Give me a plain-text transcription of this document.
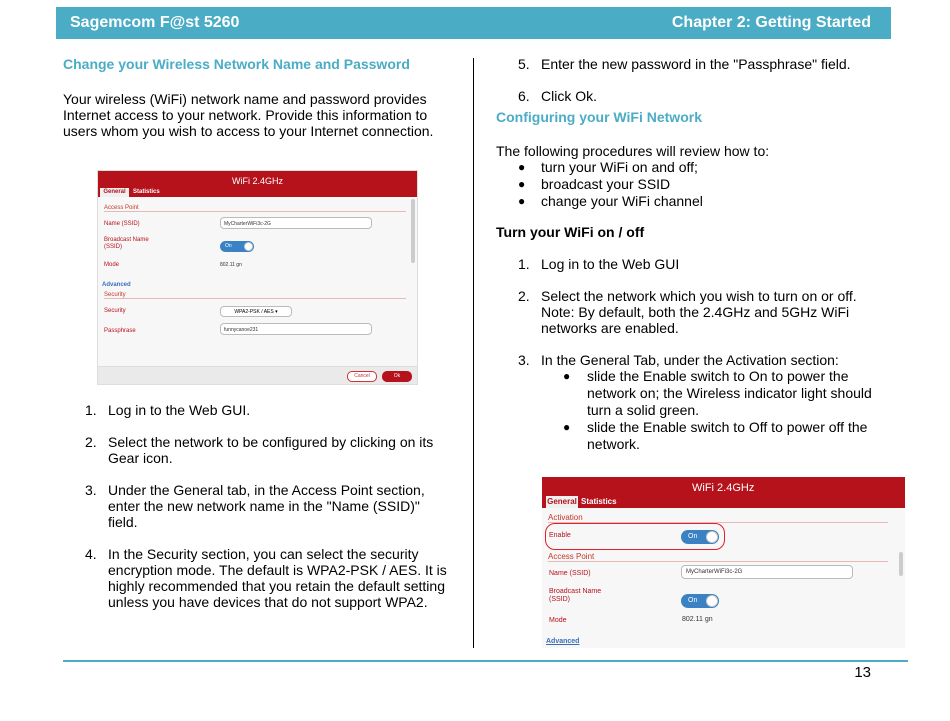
Sagemcom F@st 5260	Chapter 2: Getting Started
Change your Wireless Network Name and Password

Your wireless (WiFi) network name and password provides Internet access to your network. Provide this information to users whom you wish to access to your Internet connection.

WiFi 2.4GHz
General	Statistics
Access Point
Name (SSID)	MyCharterWiFi3c-2G
Broadcast Name (SSID)	On
Mode	802.11 gn
Advanced
Security
Security	WPA2-PSK / AES ▾
Passphrase	funnycanoe231
Cancel	Ok
1. Log in to the Web GUI.
2. Select the network to be configured by clicking on its Gear icon.
3. Under the General tab, in the Access Point section, enter the new network name in the "Name (SSID)" field.
4. In the Security section, you can select the security encryption mode. The default is WPA2-PSK / AES. It is highly recommended that you retain the default setting unless you have devices that do not support WPA2.
5. Enter the new password in the "Passphrase" field.
6. Click Ok.
Configuring your WiFi Network

The following procedures will review how to:

● turn your WiFi on and off;
● broadcast your SSID
● change your WiFi channel
Turn your WiFi on / off
1. Log in to the Web GUI
2. Select the network which you wish to turn on or off. Note: By default, both the 2.4GHz and 5GHz WiFi networks are enabled.
3. In the General Tab, under the Activation section:
● slide the Enable switch to On to power the network on; the Wireless indicator light should turn a solid green.
● slide the Enable switch to Off to power off the network.
WiFi 2.4GHz
General Statistics
Activation
Enable	On
Access Point
Name (SSID)	MyCharterWiFi3c-2G
Broadcast Name (SSID)	On
Mode	802.11 gn
Advanced
13
